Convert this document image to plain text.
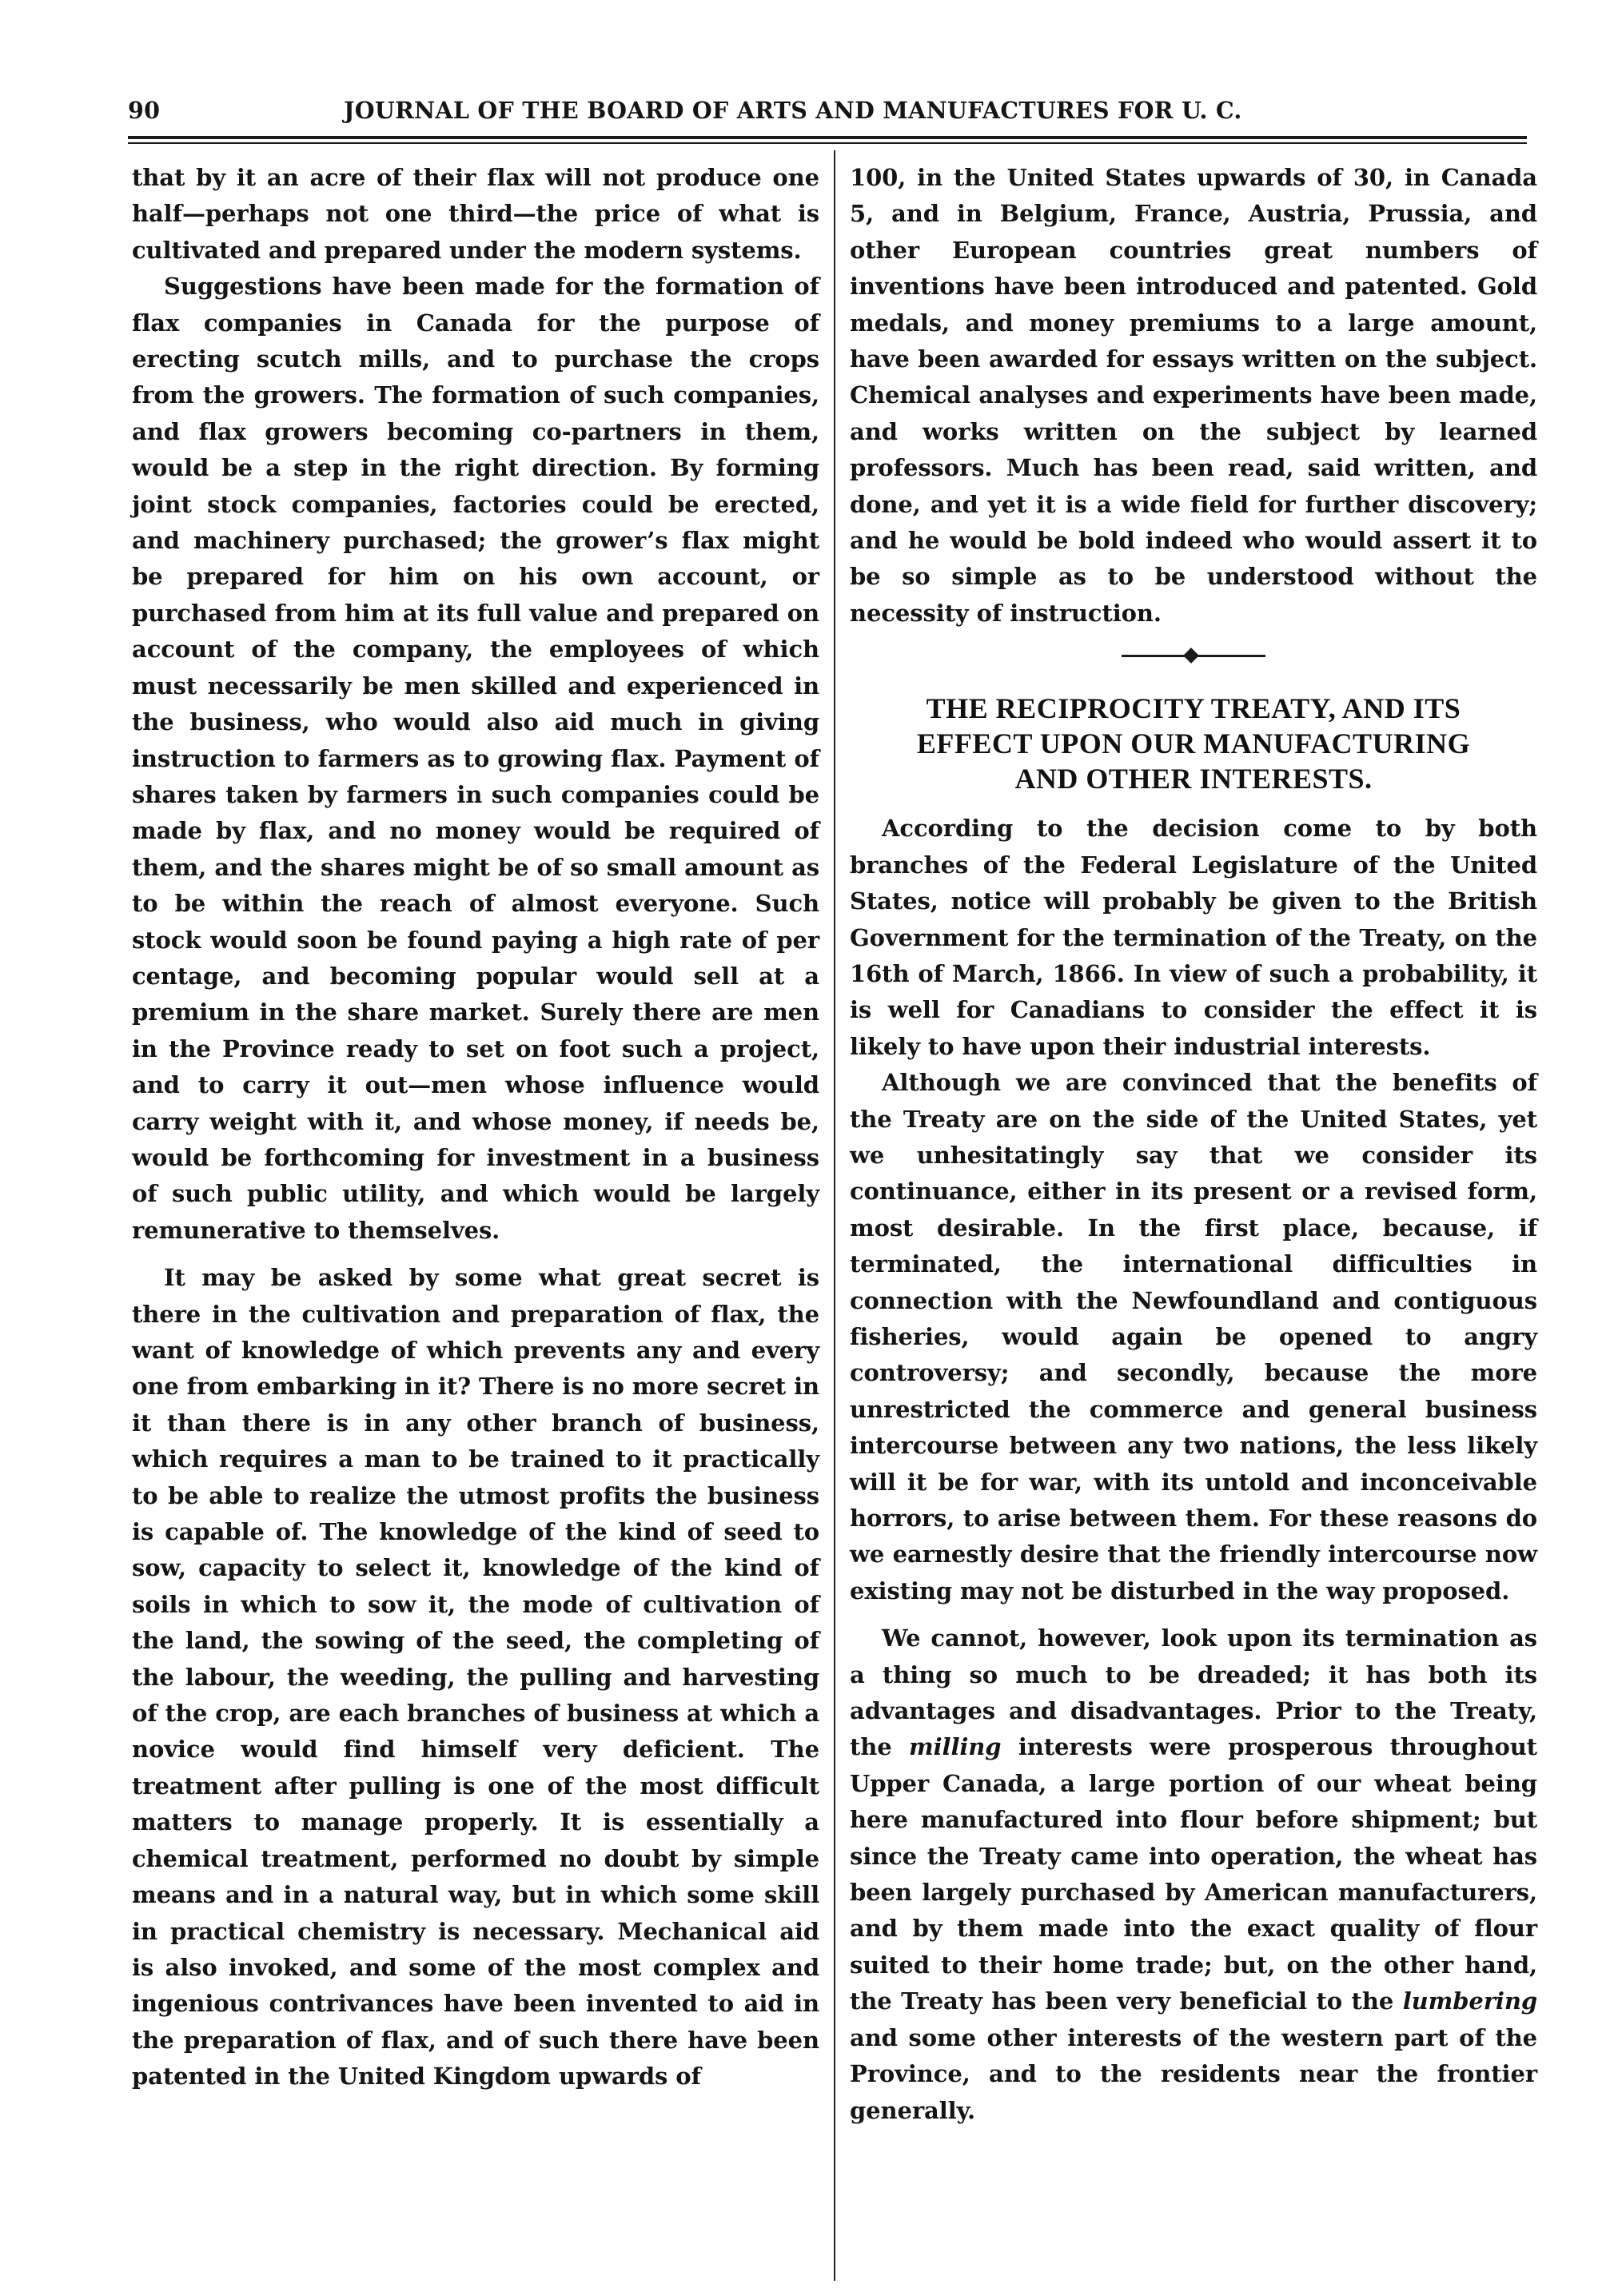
90	JOURNAL OF THE BOARD OF ARTS AND MANUFACTURES FOR U. C.

that by it an acre of their flax will not produce one half—perhaps not one third—the price of what is cultivated and prepared under the modern systems.

Suggestions have been made for the formation of flax companies in Canada for the purpose of erecting scutch mills, and to purchase the crops from the growers. The formation of such companies, and flax growers becoming co-partners in them, would be a step in the right direction. By forming joint stock companies, factories could be erected, and machinery purchased; the grower’s flax might be prepared for him on his own account, or purchased from him at its full value and prepared on account of the company, the employees of which must necessarily be men skilled and experienced in the business, who would also aid much in giving instruction to farmers as to growing flax. Payment of shares taken by farmers in such companies could be made by flax, and no money would be required of them, and the shares might be of so small amount as to be within the reach of almost everyone. Such stock would soon be found paying a high rate of per centage, and becoming popular would sell at a premium in the share market. Surely there are men in the Province ready to set on foot such a project, and to carry it out—men whose influence would carry weight with it, and whose money, if needs be, would be forthcoming for investment in a business of such public utility, and which would be largely remunerative to themselves.

It may be asked by some what great secret is there in the cultivation and preparation of flax, the want of knowledge of which prevents any and every one from embarking in it? There is no more secret in it than there is in any other branch of business, which requires a man to be trained to it practically to be able to realize the utmost profits the business is capable of. The knowledge of the kind of seed to sow, capacity to select it, knowledge of the kind of soils in which to sow it, the mode of cultivation of the land, the sowing of the seed, the completing of the labour, the weeding, the pulling and harvesting of the crop, are each branches of business at which a novice would find himself very deficient. The treatment after pulling is one of the most difficult matters to manage properly. It is essentially a chemical treatment, performed no doubt by simple means and in a natural way, but in which some skill in practical chemistry is necessary. Mechanical aid is also invoked, and some of the most complex and ingenious contrivances have been invented to aid in the preparation of flax, and of such there have been patented in the United Kingdom upwards of

100, in the United States upwards of 30, in Canada 5, and in Belgium, France, Austria, Prussia, and other European countries great numbers of inventions have been introduced and patented. Gold medals, and money premiums to a large amount, have been awarded for essays written on the subject. Chemical analyses and experiments have been made, and works written on the subject by learned professors. Much has been read, said written, and done, and yet it is a wide field for further discovery; and he would be bold indeed who would assert it to be so simple as to be understood without the necessity of instruction.

THE RECIPROCITY TREATY, AND ITS
EFFECT UPON OUR MANUFACTURING
AND OTHER INTERESTS.

According to the decision come to by both branches of the Federal Legislature of the United States, notice will probably be given to the British Government for the termination of the Treaty, on the 16th of March, 1866. In view of such a probability, it is well for Canadians to consider the effect it is likely to have upon their industrial interests.

Although we are convinced that the benefits of the Treaty are on the side of the United States, yet we unhesitatingly say that we consider its continuance, either in its present or a revised form, most desirable. In the first place, because, if terminated, the international difficulties in connection with the Newfoundland and contiguous fisheries, would again be opened to angry controversy; and secondly, because the more unrestricted the commerce and general business intercourse between any two nations, the less likely will it be for war, with its untold and inconceivable horrors, to arise between them. For these reasons do we earnestly desire that the friendly intercourse now existing may not be disturbed in the way proposed.

We cannot, however, look upon its termination as a thing so much to be dreaded; it has both its advantages and disadvantages. Prior to the Treaty, the milling interests were prosperous throughout Upper Canada, a large portion of our wheat being here manufactured into flour before shipment; but since the Treaty came into operation, the wheat has been largely purchased by American manufacturers, and by them made into the exact quality of flour suited to their home trade; but, on the other hand, the Treaty has been very beneficial to the lumbering and some other interests of the western part of the Province, and to the residents near the frontier generally.
